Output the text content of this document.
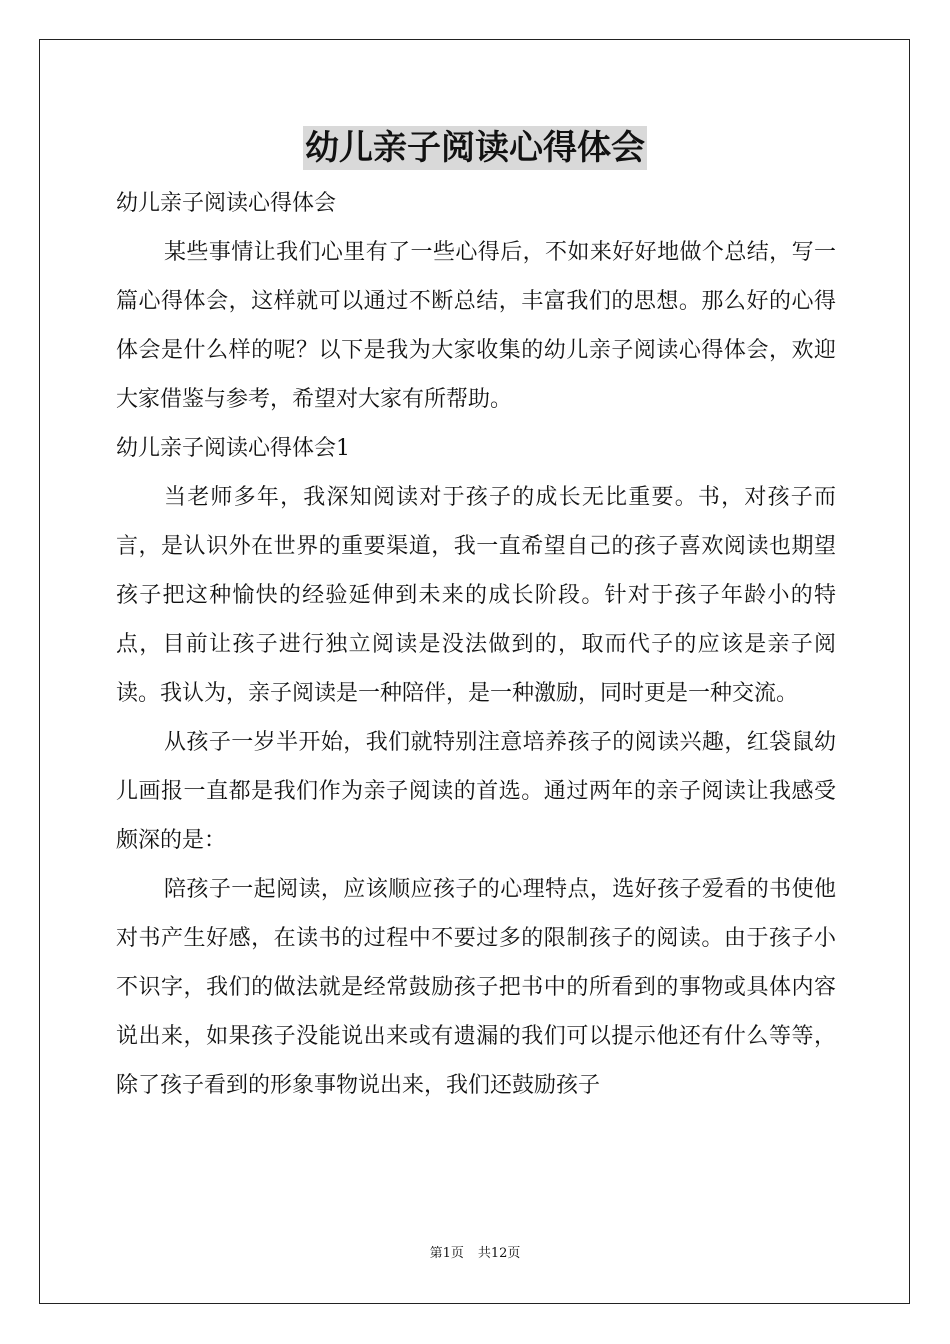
幼儿亲子阅读心得体会

幼儿亲子阅读心得体会

某些事情让我们心里有了一些心得后，不如来好好地做个总结，写一篇心得体会，这样就可以通过不断总结，丰富我们的思想。那么好的心得体会是什么样的呢？以下是我为大家收集的幼儿亲子阅读心得体会，欢迎大家借鉴与参考，希望对大家有所帮助。

幼儿亲子阅读心得体会1

当老师多年，我深知阅读对于孩子的成长无比重要。书，对孩子而言，是认识外在世界的重要渠道，我一直希望自己的孩子喜欢阅读也期望孩子把这种愉快的经验延伸到未来的成长阶段。针对于孩子年龄小的特点，目前让孩子进行独立阅读是没法做到的，取而代子的应该是亲子阅读。我认为，亲子阅读是一种陪伴，是一种激励，同时更是一种交流。

从孩子一岁半开始，我们就特别注意培养孩子的阅读兴趣，红袋鼠幼儿画报一直都是我们作为亲子阅读的首选。通过两年的亲子阅读让我感受颇深的是：

陪孩子一起阅读，应该顺应孩子的心理特点，选好孩子爱看的书使他对书产生好感，在读书的过程中不要过多的限制孩子的阅读。由于孩子小不识字，我们的做法就是经常鼓励孩子把书中的所看到的事物或具体内容说出来，如果孩子没能说出来或有遗漏的我们可以提示他还有什么等等，除了孩子看到的形象事物说出来，我们还鼓励孩子

第1页 共12页
